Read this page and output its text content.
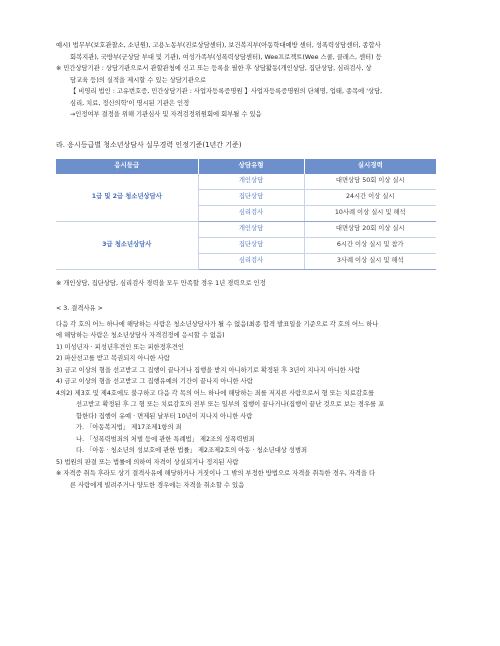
예시) 법무부(보호관찰소, 소년원), 고용노동부(진로상담센터), 보건복지부(아동학대예방 센터, 성폭력상담센터, 종합사

회복지관), 국방부(군상담 부대 및 기관), 여성가족부(성폭력상담센터), Wee프로젝트(Wee 스쿨, 클래스, 센터) 등

※ 민간상담기관 : 상담기관으로서 관할관청에 신고 또는 등록을 필한 후 상담활동(개인상담, 집단상담, 심리검사, 상

담교육 등)의 실적을 제시할 수 있는 상담기관으로

【 비영리 법인 : 고유번호증, 민간상담기관 : 사업자등록증명원 】사업자등록증명원의 단체명, 업태, 종목에 '상담,

심리, 치료, 정신의학'이 명시된 기관은 인정

→인정여부 결정을 위해 기관심사 및 자격검정위원회에 회부될 수 있음

라. 응시등급별 청소년상담사 실무경력 인정기준(1년간 기준)

응시등급	상담유형	실시경력
1급 및 2급 청소년상담사	개인상담	대면상담 50회 이상 실시
	집단상담	24시간 이상 실시
	심리검사	10사례 이상 실시 및 해석
3급 청소년상담사	개인상담	대면상담 20회 이상 실시
	집단상담	6시간 이상 실시 및 참가
	심리검사	3사례 이상 실시 및 해석

※ 개인상담, 집단상담, 심리검사 경력을 모두 만족할 경우 1년 경력으로 인정

< 3. 결격사유 >

다음 각 호의 어느 하나에 해당하는 사람은 청소년상담사가 될 수 없음(최종 합격 발표일을 기준으로 각 호의 어느 하나

에 해당하는 사람은 청소년상담사 자격검정에 응시할 수 없음)

1) 미성년자 · 피성년후견인 또는 피한정후견인

2) 파산선고를 받고 복권되지 아니한 사람

3) 금고 이상의 형을 선고받고 그 집행이 끝나거나 집행을 받지 아니하기로 확정된 후 3년이 지나지 아니한 사람

4) 금고 이상의 형을 선고받고 그 집행유예의 기간이 끝나지 아니한 사람

4의2) 제3호 및 제4호에도 불구하고 다음 각 목의 어느 하나에 해당하는 죄를 저지른 사람으로서 형 또는 치료감호를

선고받고 확정된 후 그 형 또는 치료감호의 전부 또는 일부의 집행이 끝나거나(집행이 끝난 것으로 보는 경우를 포

함한다) 집행이 유예 · 면제된 날부터 10년이 지나지 아니한 사람

가. 「아동복지법」 제17조제1항의 죄

나. 「성폭력범죄의 처벌 등에 관한 특례법」 제2조의 성폭력범죄

다. 「아동 · 청소년의 성보호에 관한 법률」 제2조제2호의 아동 · 청소년대상 성범죄

5) 법원의 판결 또는 법률에 의하여 자격이 상실되거나 정지된 사람

※ 자격증 취득 후라도 상기 결격사유에 해당하거나 거짓이나 그 밖의 부정한 방법으로 자격을 취득한 경우, 자격을 다

른 사람에게 빌려주거나 양도한 경우에는 자격을 취소할 수 있음
